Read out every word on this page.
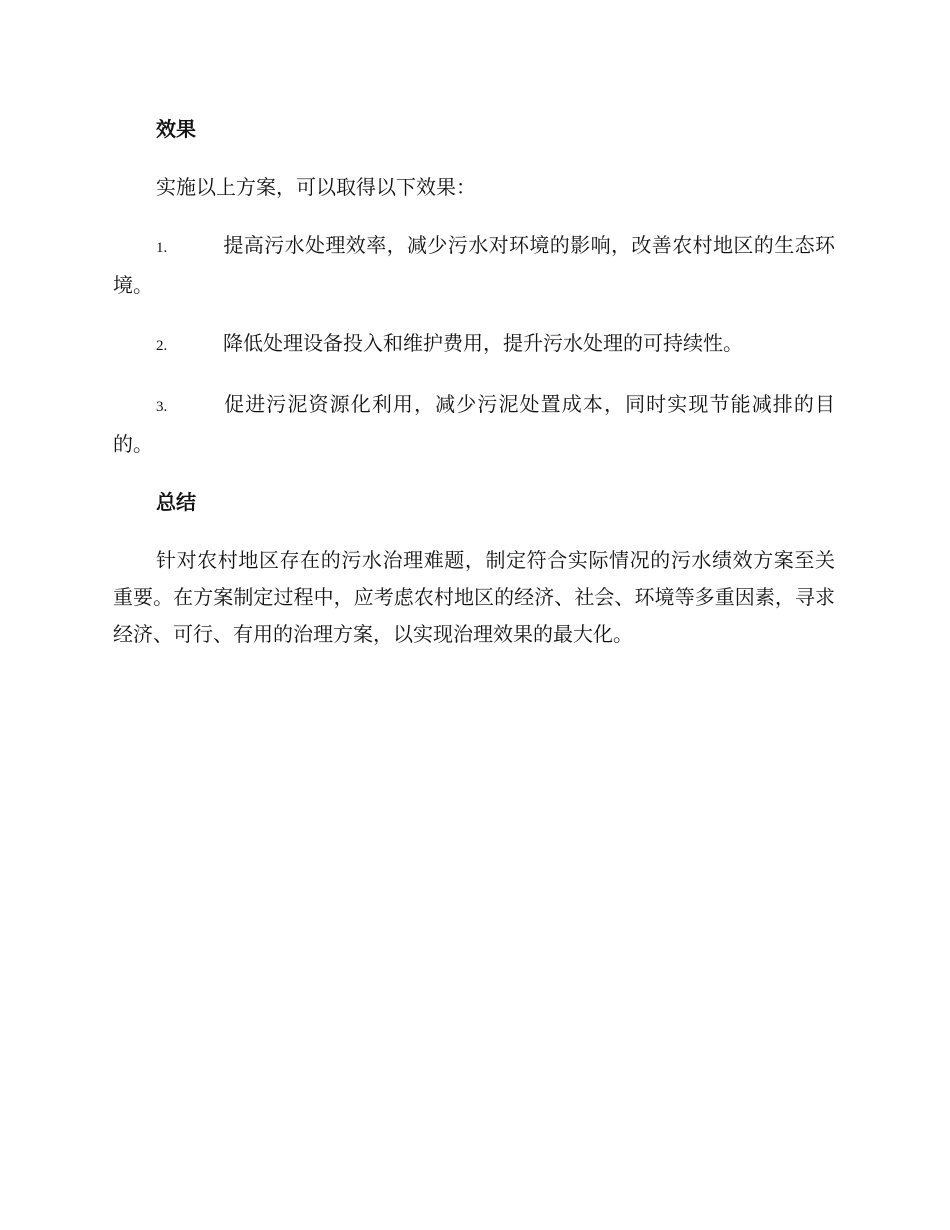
效果

实施以上方案，可以取得以下效果：

1.	提高污水处理效率，减少污水对环境的影响，改善农村地区的生态环境。

2.	降低处理设备投入和维护费用，提升污水处理的可持续性。

3.	促进污泥资源化利用，减少污泥处置成本，同时实现节能减排的目的。

总结

针对农村地区存在的污水治理难题，制定符合实际情况的污水绩效方案至关重要。在方案制定过程中，应考虑农村地区的经济、社会、环境等多重因素，寻求经济、可行、有用的治理方案，以实现治理效果的最大化。
